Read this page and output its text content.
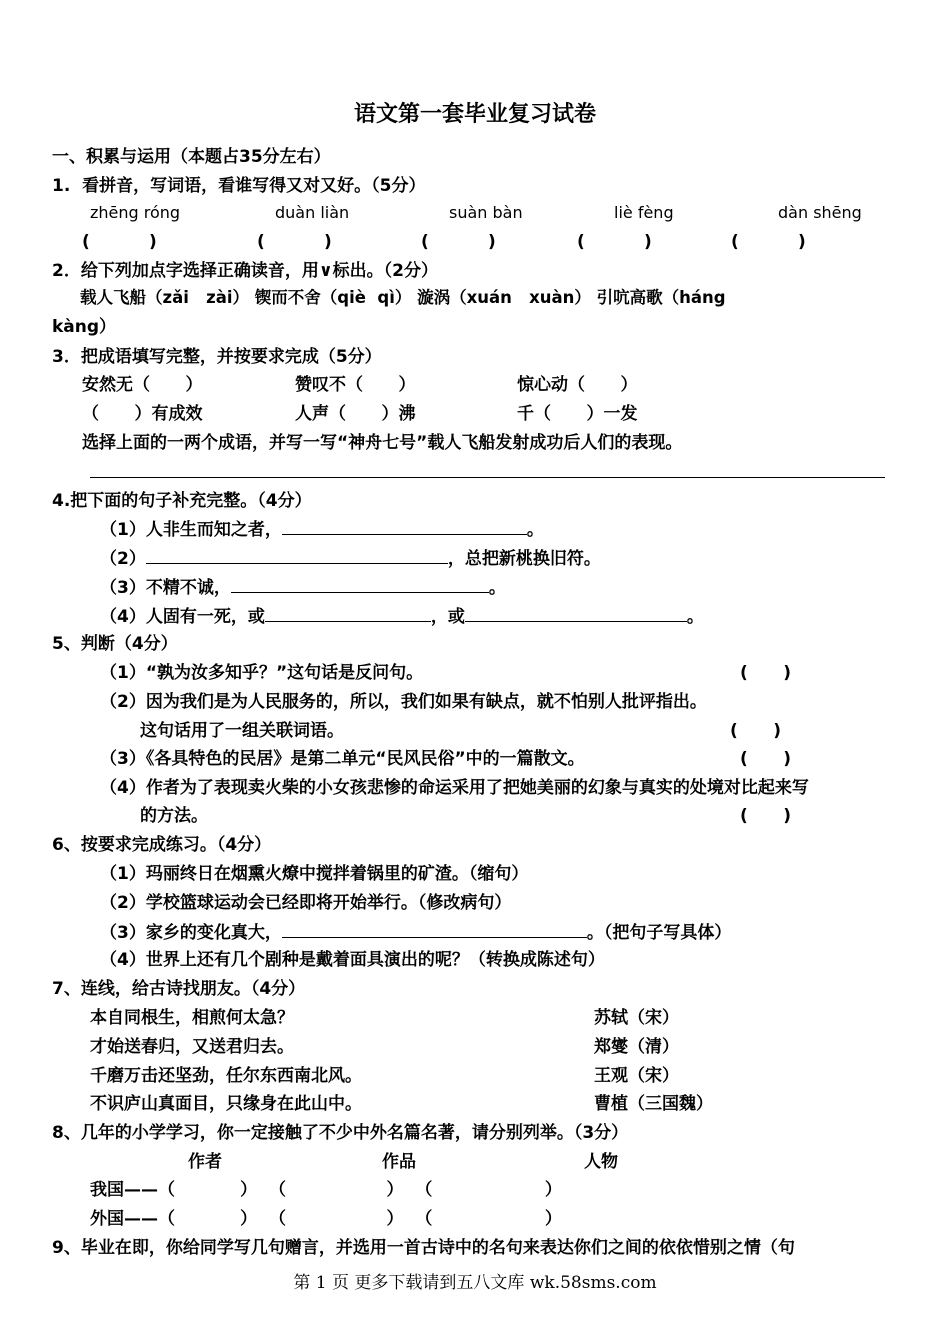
语文第一套毕业复习试卷
一、积累与运用（本题占35分左右）
1.  看拼音，写词语，看谁写得又对又好。（5分）
zhēng róng	duàn liàn	suàn bàn	liè fèng	dàn shēng
(          )	(          )	(          )	(          )	(          )
2．给下列加点字选择正确读音，用∨标出。（2分）
载人飞船（zǎi   zài） 锲而不舍（qiè  qì） 漩涡（xuán   xuàn） 引吭高歌（háng
kàng）
3．把成语填写完整，并按要求完成（5分）
安然无（      ）	赞叹不（      ）	惊心动（      ）
（      ）有成效	人声（      ）沸	千（      ）一发
选择上面的一两个成语，并写一写“神舟七号”载人飞船发射成功后人们的表现。
4.把下面的句子补充完整。（4分）
（1）人非生而知之者，	。
（2）	，总把新桃换旧符。
（3）不精不诚，	。
（4）人固有一死，或	，或	。
5、判断（4分）
（1）“孰为汝多知乎？”这句话是反问句。	(      )
（2）因为我们是为人民服务的，所以，我们如果有缺点，就不怕别人批评指出。
这句话用了一组关联词语。	(      )
（3）《各具特色的民居》是第二单元“民风民俗”中的一篇散文。	(      )
（4）作者为了表现卖火柴的小女孩悲惨的命运采用了把她美丽的幻象与真实的处境对比起来写
的方法。	(      )
6、按要求完成练习。（4分）
（1）玛丽终日在烟熏火燎中搅拌着锅里的矿渣。（缩句）
（2）学校篮球运动会已经即将开始举行。（修改病句）
（3）家乡的变化真大，	。（把句子写具体）
（4）世界上还有几个剧种是戴着面具演出的呢？（转换成陈述句）
7、连线，给古诗找朋友。（4分）
本自同根生，相煎何太急？	苏轼（宋）
才始送春归，又送君归去。	郑燮（清）
千磨万击还坚劲，任尔东西南北风。	王观（宋）
不识庐山真面目，只缘身在此山中。	曹植（三国魏）
8、几年的小学学习，你一定接触了不少中外名篇名著，请分别列举。（3分）
作者	作品	人物
我国——（           ）  （                 ）  （                   ）
外国——（           ）  （                 ）  （                   ）
9、毕业在即，你给同学写几句赠言，并选用一首古诗中的名句来表达你们之间的依依惜别之情（句
第 1 页 更多下载请到五八文库 wk.58sms.com
